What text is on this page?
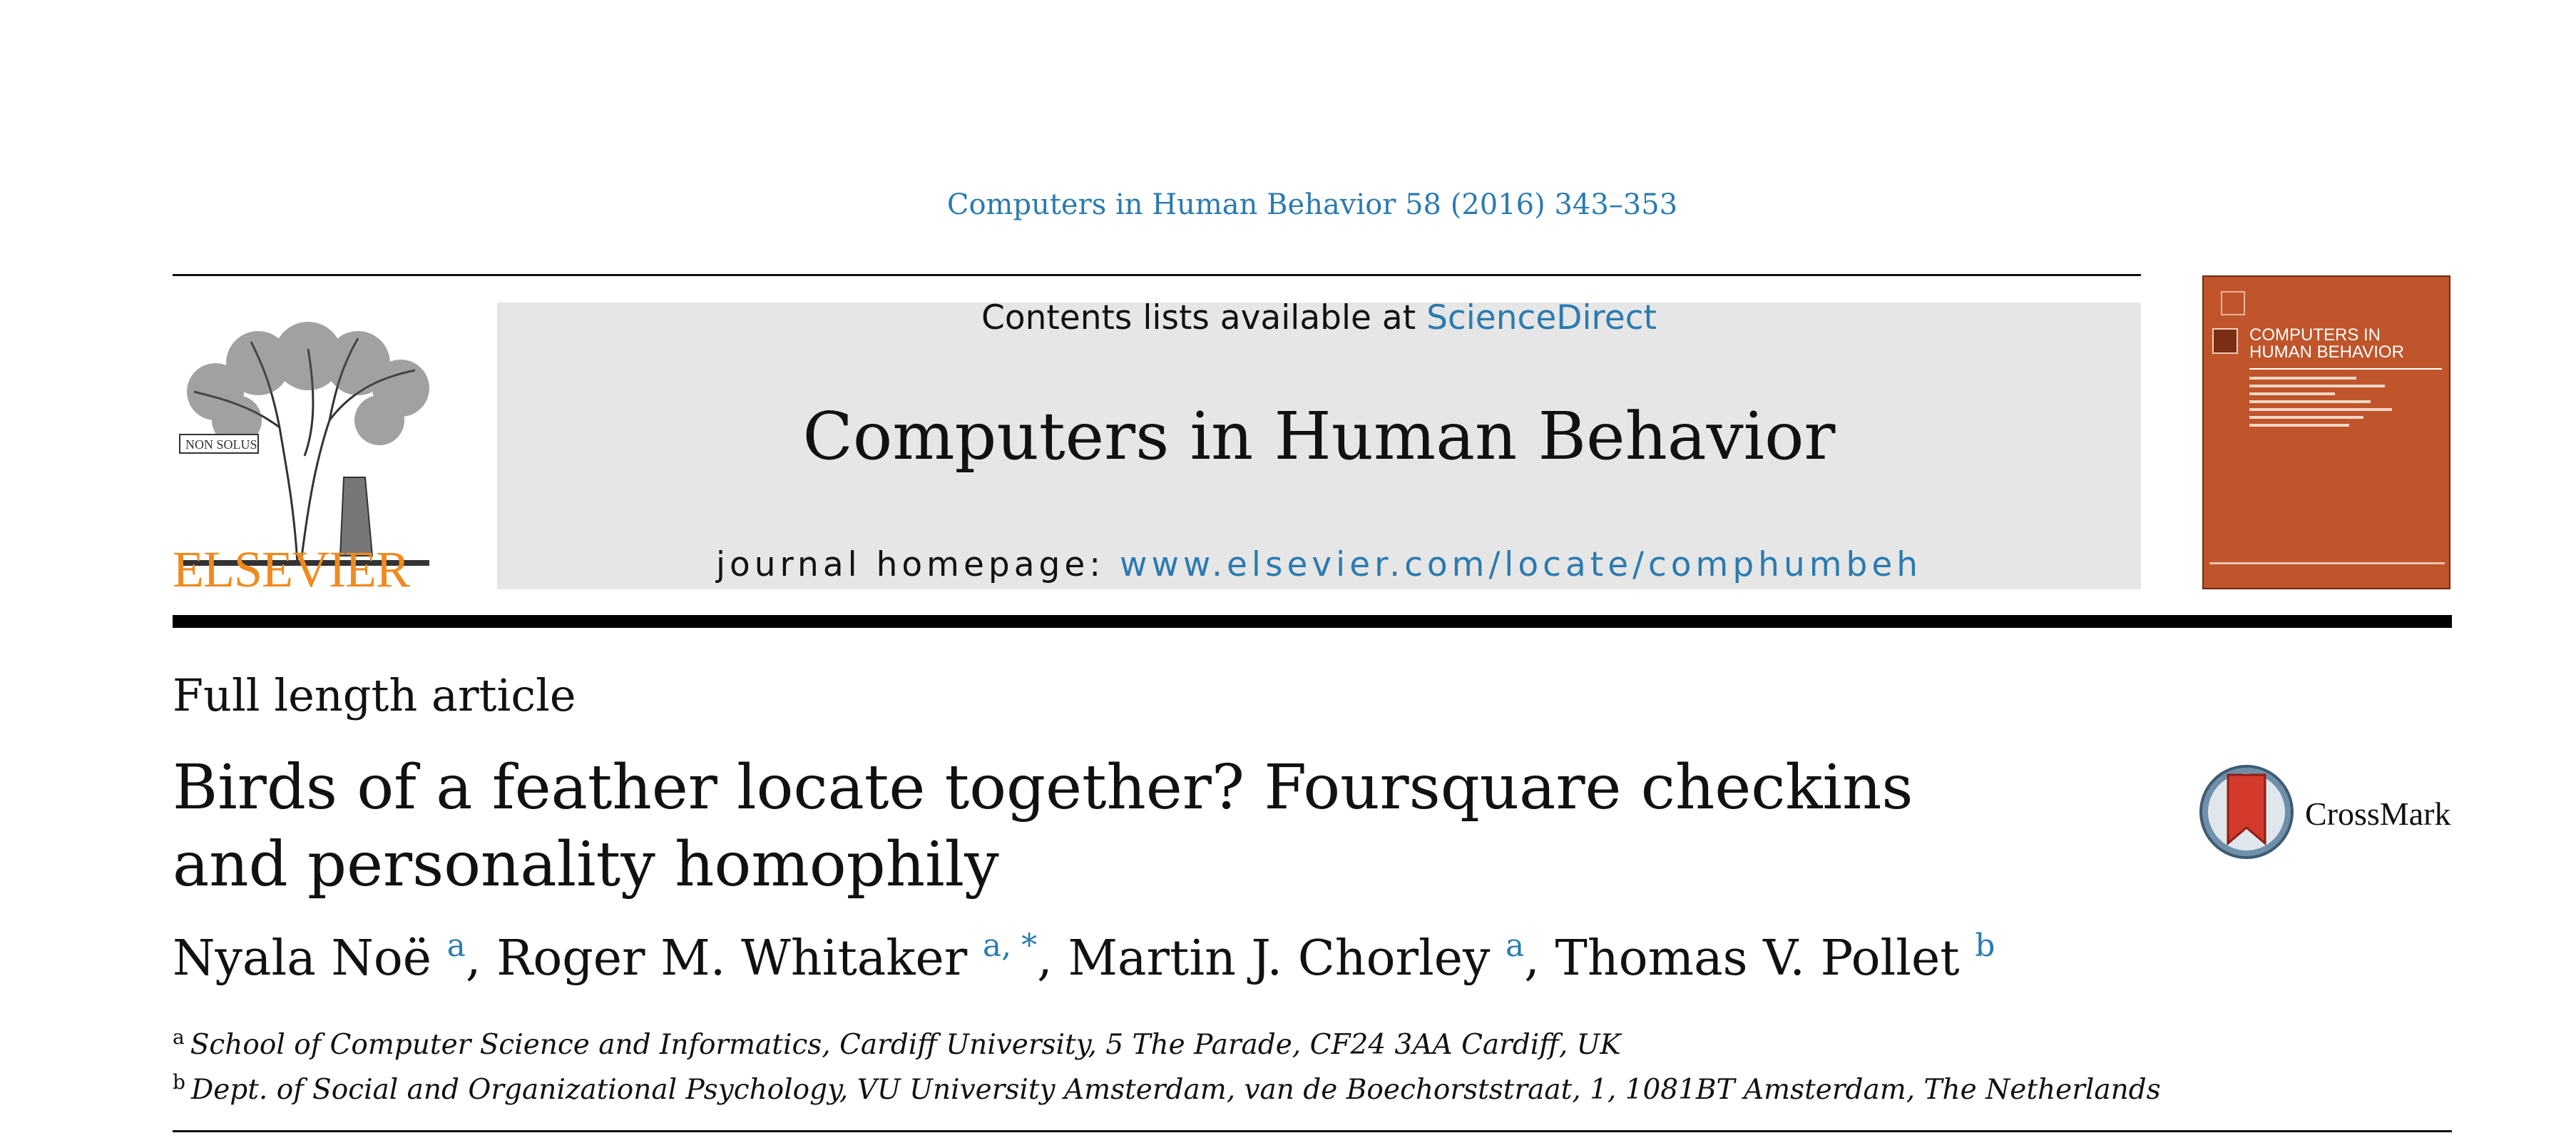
Computers in Human Behavior 58 (2016) 343–353
NON SOLUS
ELSEVIER
Contents lists available at ScienceDirect
Computers in Human Behavior
journal homepage: www.elsevier.com/locate/comphumbeh
COMPUTERS IN
HUMAN BEHAVIOR
Full length article
Birds of a feather locate together? Foursquare checkins and personality homophily
CrossMark
Nyala Noë $^a$, Roger M. Whitaker $^{a, *}$, Martin J. Chorley $^a$, Thomas V. Pollet $^b$
$^a$ School of Computer Science and Informatics, Cardiff University, 5 The Parade, CF24 3AA Cardiff, UK
$^b$ Dept. of Social and Organizational Psychology, VU University Amsterdam, van de Boechorststraat, 1, 1081BT Amsterdam, The Netherlands
